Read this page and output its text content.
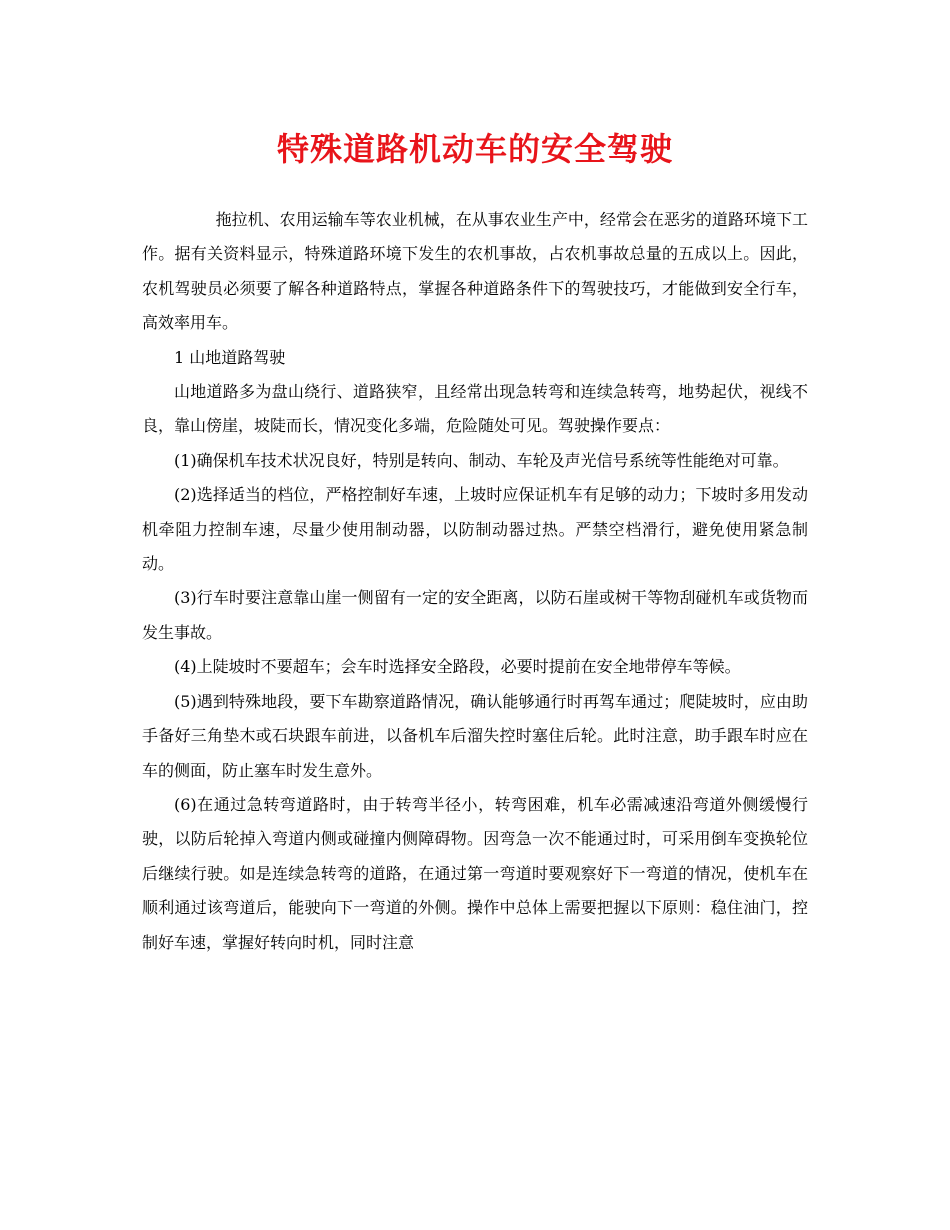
特殊道路机动车的安全驾驶

拖拉机、农用运输车等农业机械，在从事农业生产中，经常会在恶劣的道路环境下工作。据有关资料显示，特殊道路环境下发生的农机事故，占农机事故总量的五成以上。因此，农机驾驶员必须要了解各种道路特点，掌握各种道路条件下的驾驶技巧，才能做到安全行车，高效率用车。

1 山地道路驾驶

山地道路多为盘山绕行、道路狭窄，且经常出现急转弯和连续急转弯，地势起伏，视线不良，靠山傍崖，坡陡而长，情况变化多端，危险随处可见。驾驶操作要点：

(1)确保机车技术状况良好，特别是转向、制动、车轮及声光信号系统等性能绝对可靠。

(2)选择适当的档位，严格控制好车速，上坡时应保证机车有足够的动力；下坡时多用发动机牵阻力控制车速，尽量少使用制动器，以防制动器过热。严禁空档滑行，避免使用紧急制动。

(3)行车时要注意靠山崖一侧留有一定的安全距离，以防石崖或树干等物刮碰机车或货物而发生事故。

(4)上陡坡时不要超车；会车时选择安全路段，必要时提前在安全地带停车等候。

(5)遇到特殊地段，要下车勘察道路情况，确认能够通行时再驾车通过；爬陡坡时，应由助手备好三角垫木或石块跟车前进，以备机车后溜失控时塞住后轮。此时注意，助手跟车时应在车的侧面，防止塞车时发生意外。

(6)在通过急转弯道路时，由于转弯半径小，转弯困难，机车必需减速沿弯道外侧缓慢行驶，以防后轮掉入弯道内侧或碰撞内侧障碍物。因弯急一次不能通过时，可采用倒车变换轮位后继续行驶。如是连续急转弯的道路，在通过第一弯道时要观察好下一弯道的情况，使机车在顺利通过该弯道后，能驶向下一弯道的外侧。操作中总体上需要把握以下原则：稳住油门，控制好车速，掌握好转向时机，同时注意
